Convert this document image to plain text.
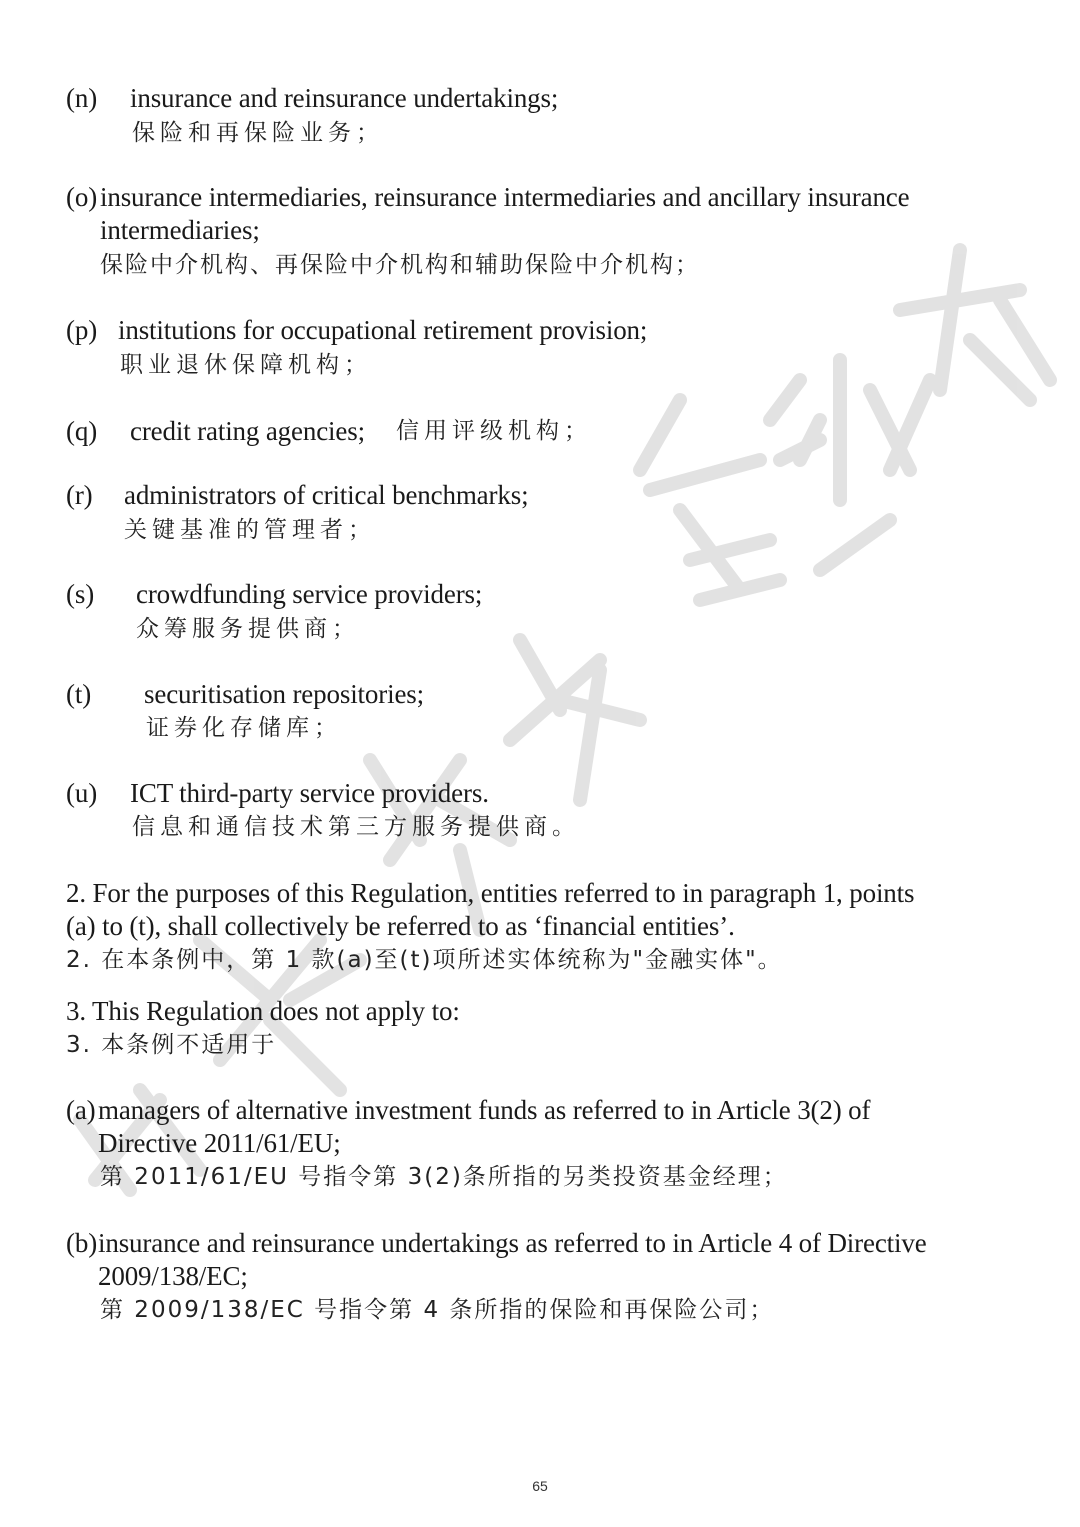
(n) insurance and reinsurance undertakings;
保险和再保险业务；
(o) insurance intermediaries, reinsurance intermediaries and ancillary insurance
intermediaries;
保险中介机构、再保险中介机构和辅助保险中介机构；
(p) institutions for occupational retirement provision;
职业退休保障机构；
(q) credit rating agencies; 信用评级机构；
(r) administrators of critical benchmarks;
关键基准的管理者；
(s) crowdfunding service providers;
众筹服务提供商；
(t) securitisation repositories;
证券化存储库；
(u) ICT third-party service providers.
信息和通信技术第三方服务提供商。
2. For the purposes of this Regulation, entities referred to in paragraph 1, points
(a) to (t), shall collectively be referred to as ‘financial entities’.
2. 在本条例中，第 1 款(a)至(t)项所述实体统称为"金融实体"。
3. This Regulation does not apply to:
3. 本条例不适用于
(a) managers of alternative investment funds as referred to in Article 3(2) of
Directive 2011/61/EU;
第 2011/61/EU 号指令第 3(2)条所指的另类投资基金经理；
(b) insurance and reinsurance undertakings as referred to in Article 4 of Directive
2009/138/EC;
第 2009/138/EC 号指令第 4 条所指的保险和再保险公司；
65
